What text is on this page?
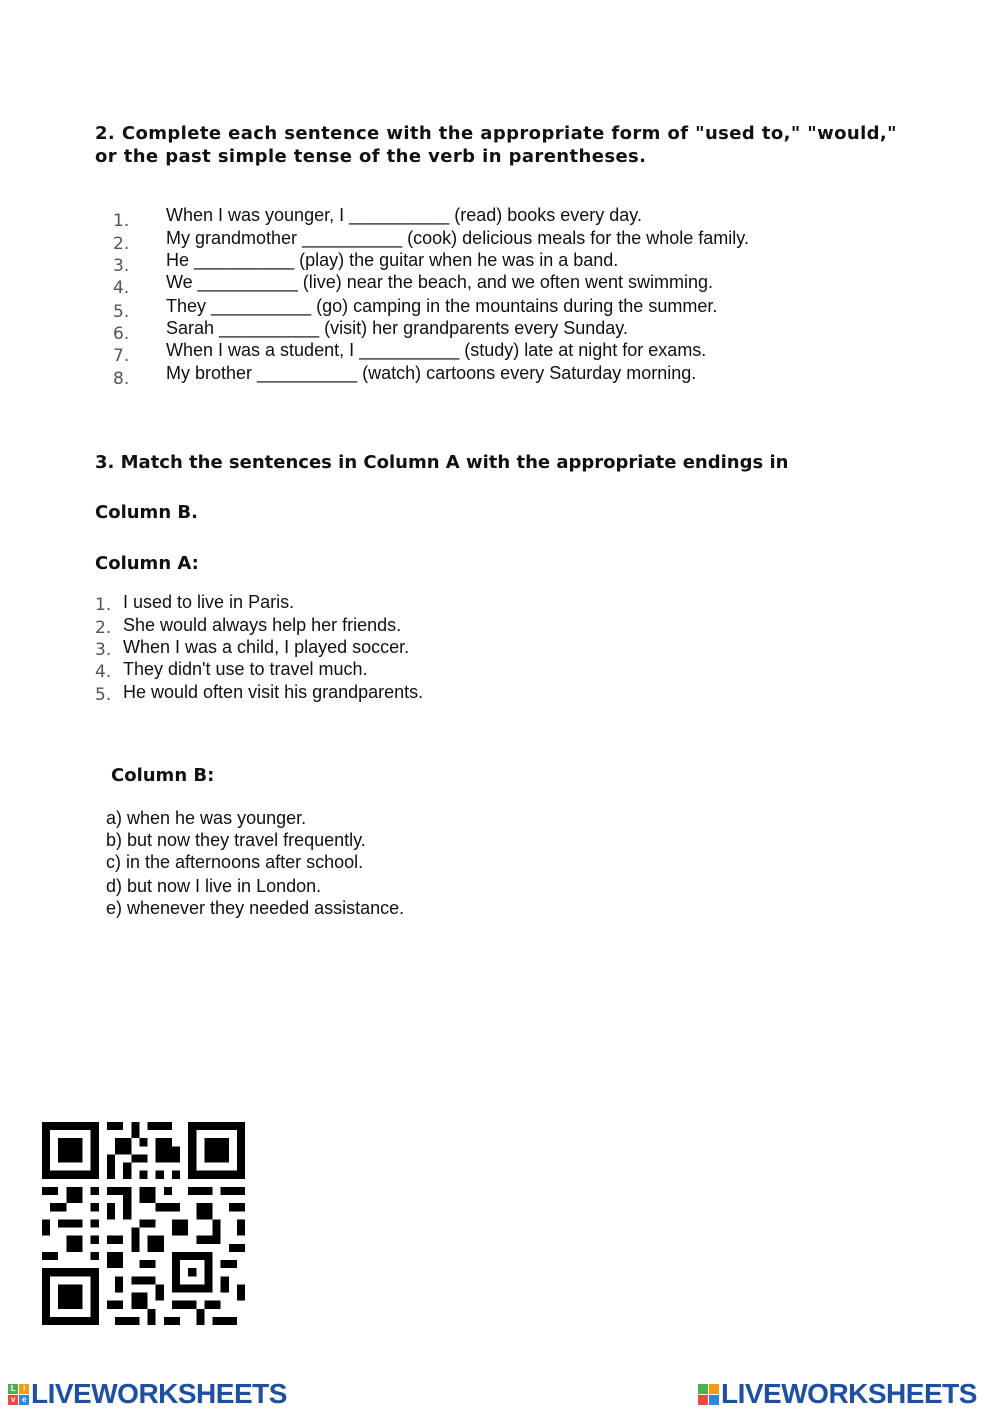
2. Complete each sentence with the appropriate form of "used to," "would," or the past simple tense of the verb in parentheses.
1. When I was younger, I __________ (read) books every day.
2. My grandmother __________ (cook) delicious meals for the whole family.
3. He __________ (play) the guitar when he was in a band.
4. We __________ (live) near the beach, and we often went swimming.
5. They __________ (go) camping in the mountains during the summer.
6. Sarah __________ (visit) her grandparents every Sunday.
7. When I was a student, I __________ (study) late at night for exams.
8. My brother __________ (watch) cartoons every Saturday morning.
3. Match the sentences in Column A with the appropriate endings in
Column B.
Column A:
1. I used to live in Paris.
2. She would always help her friends.
3. When I was a child, I played soccer.
4. They didn't use to travel much.
5. He would often visit his grandparents.
Column B:
a) when he was younger.
b) but now they travel frequently.
c) in the afternoons after school.
d) but now I live in London.
e) whenever they needed assistance.
L i
v e LIVEWORKSHEETS	LIVEWORKSHEETS
